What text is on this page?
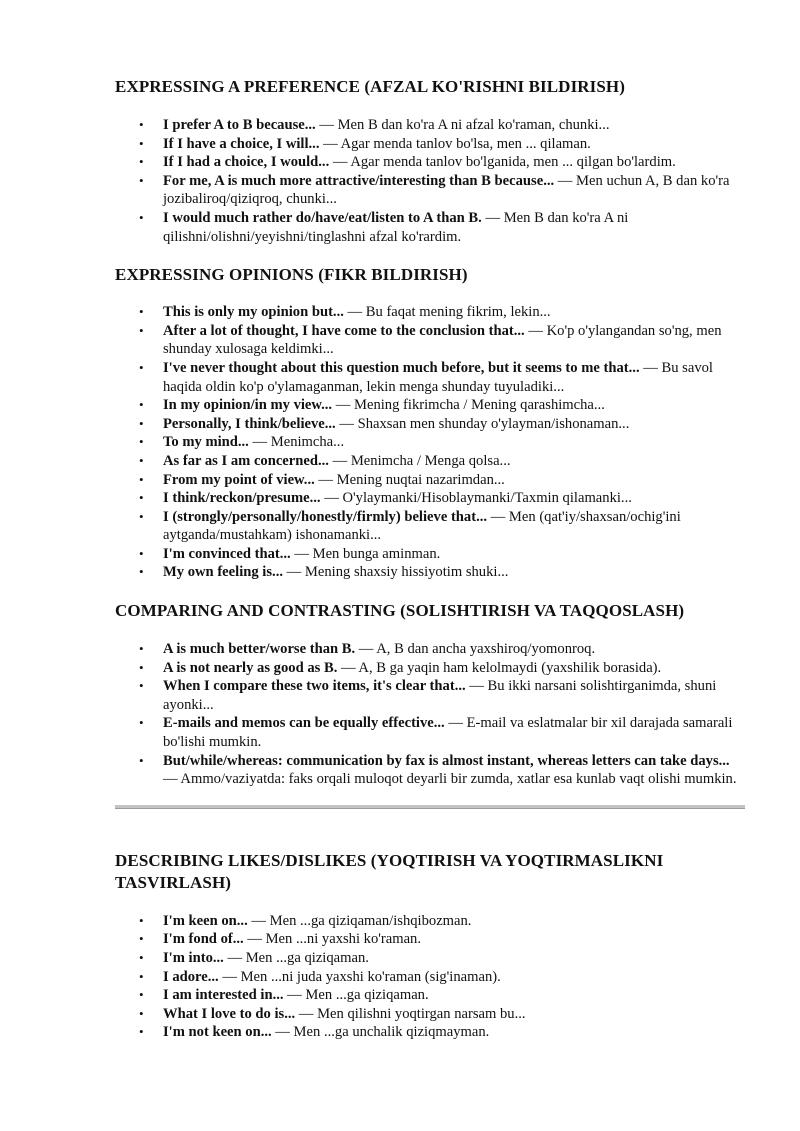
EXPRESSING A PREFERENCE (AFZAL KO'RISHNI BILDIRISH)
• I prefer A to B because... — Men B dan ko'ra A ni afzal ko'raman, chunki...
• If I have a choice, I will... — Agar menda tanlov bo'lsa, men ... qilaman.
• If I had a choice, I would... — Agar menda tanlov bo'lganida, men ... qilgan bo'lardim.
• For me, A is much more attractive/interesting than B because... — Men uchun A, B dan ko'ra jozibaliroq/qiziqroq, chunki...
• I would much rather do/have/eat/listen to A than B. — Men B dan ko'ra A ni qilishni/olishni/yeyishni/tinglashni afzal ko'rardim.
EXPRESSING OPINIONS (FIKR BILDIRISH)
• This is only my opinion but... — Bu faqat mening fikrim, lekin...
• After a lot of thought, I have come to the conclusion that... — Ko'p o'ylangandan so'ng, men shunday xulosaga keldimki...
• I've never thought about this question much before, but it seems to me that... — Bu savol haqida oldin ko'p o'ylamaganman, lekin menga shunday tuyuladiki...
• In my opinion/in my view... — Mening fikrimcha / Mening qarashimcha...
• Personally, I think/believe... — Shaxsan men shunday o'ylayman/ishonaman...
• To my mind... — Menimcha...
• As far as I am concerned... — Menimcha / Menga qolsa...
• From my point of view... — Mening nuqtai nazarimdan...
• I think/reckon/presume... — O'ylaymanki/Hisoblaymanki/Taxmin qilamanki...
• I (strongly/personally/honestly/firmly) believe that... — Men (qat'iy/shaxsan/ochig'ini aytganda/mustahkam) ishonamanki...
• I'm convinced that... — Men bunga aminman.
• My own feeling is... — Mening shaxsiy hissiyotim shuki...
COMPARING AND CONTRASTING (SOLISHTIRISH VA TAQQOSLASH)
• A is much better/worse than B. — A, B dan ancha yaxshiroq/yomonroq.
• A is not nearly as good as B. — A, B ga yaqin ham kelolmaydi (yaxshilik borasida).
• When I compare these two items, it's clear that... — Bu ikki narsani solishtirganimda, shuni ayonki...
• E-mails and memos can be equally effective... — E-mail va eslatmalar bir xil darajada samarali bo'lishi mumkin.
• But/while/whereas: communication by fax is almost instant, whereas letters can take days... — Ammo/vaziyatda: faks orqali muloqot deyarli bir zumda, xatlar esa kunlab vaqt olishi mumkin.
DESCRIBING LIKES/DISLIKES (YOQTIRISH VA YOQTIRMASLIKNI TASVIRLASH)
• I'm keen on... — Men ...ga qiziqaman/ishqibozman.
• I'm fond of... — Men ...ni yaxshi ko'raman.
• I'm into... — Men ...ga qiziqaman.
• I adore... — Men ...ni juda yaxshi ko'raman (sig'inaman).
• I am interested in... — Men ...ga qiziqaman.
• What I love to do is... — Men qilishni yoqtirgan narsam bu...
• I'm not keen on... — Men ...ga unchalik qiziqmayman.
